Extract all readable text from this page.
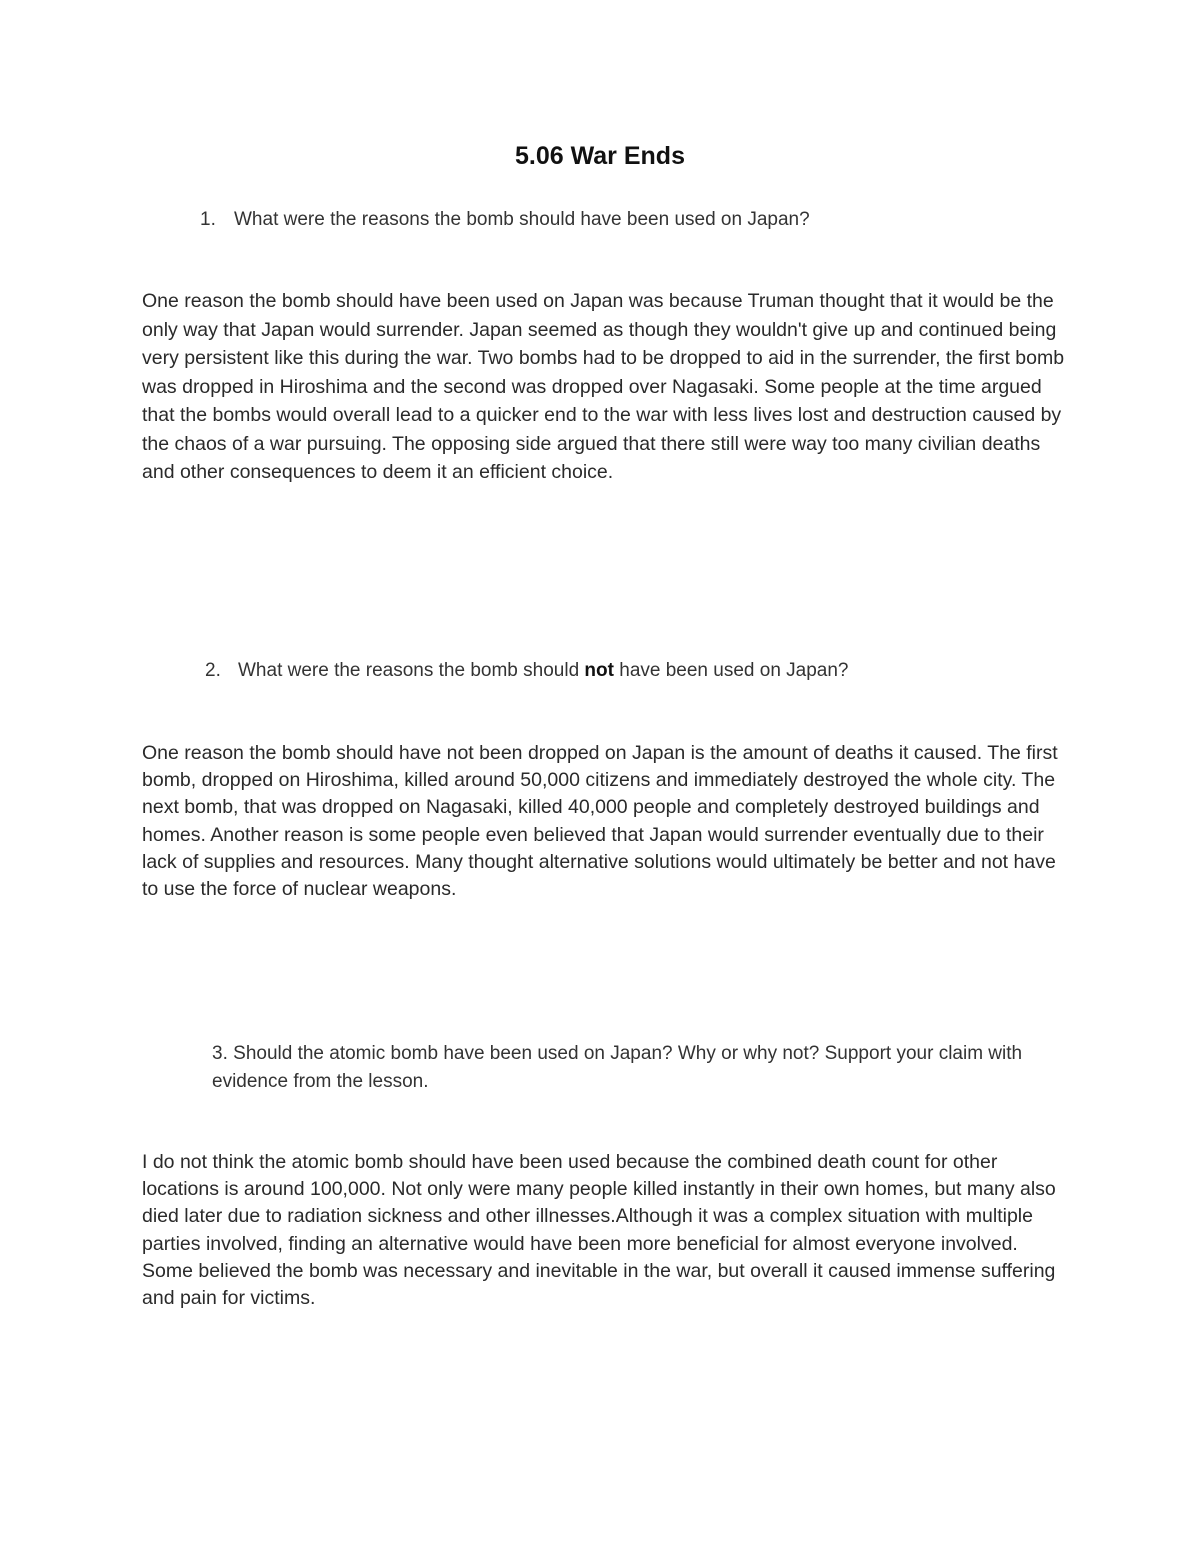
5.06 War Ends

1. What were the reasons the bomb should have been used on Japan?

One reason the bomb should have been used on Japan was because Truman thought that it would be the only way that Japan would surrender. Japan seemed as though they wouldn't give up and continued being very persistent like this during the war. Two bombs had to be dropped to aid in the surrender, the first bomb was dropped in Hiroshima and the second was dropped over Nagasaki. Some people at the time argued that the bombs would overall lead to a quicker end to the war with less lives lost and destruction caused by the chaos of a war pursuing. The opposing side argued that there still were way too many civilian deaths and other consequences to deem it an efficient choice.

2. What were the reasons the bomb should not have been used on Japan?

One reason the bomb should have not been dropped on Japan is the amount of deaths it caused. The first bomb, dropped on Hiroshima, killed around 50,000 citizens and immediately destroyed the whole city. The next bomb, that was dropped on Nagasaki, killed 40,000 people and completely destroyed buildings and homes. Another reason is some people even believed that Japan would surrender eventually due to their lack of supplies and resources. Many thought alternative solutions would ultimately be better and not have to use the force of nuclear weapons.

3. Should the atomic bomb have been used on Japan? Why or why not? Support your claim with evidence from the lesson.

I do not think the atomic bomb should have been used because the combined death count for other locations is around 100,000. Not only were many people killed instantly in their own homes, but many also died later due to radiation sickness and other illnesses.Although it was a complex situation with multiple parties involved, finding an alternative would have been more beneficial for almost everyone involved. Some believed the bomb was necessary and inevitable in the war, but overall it caused immense suffering and pain for victims.
